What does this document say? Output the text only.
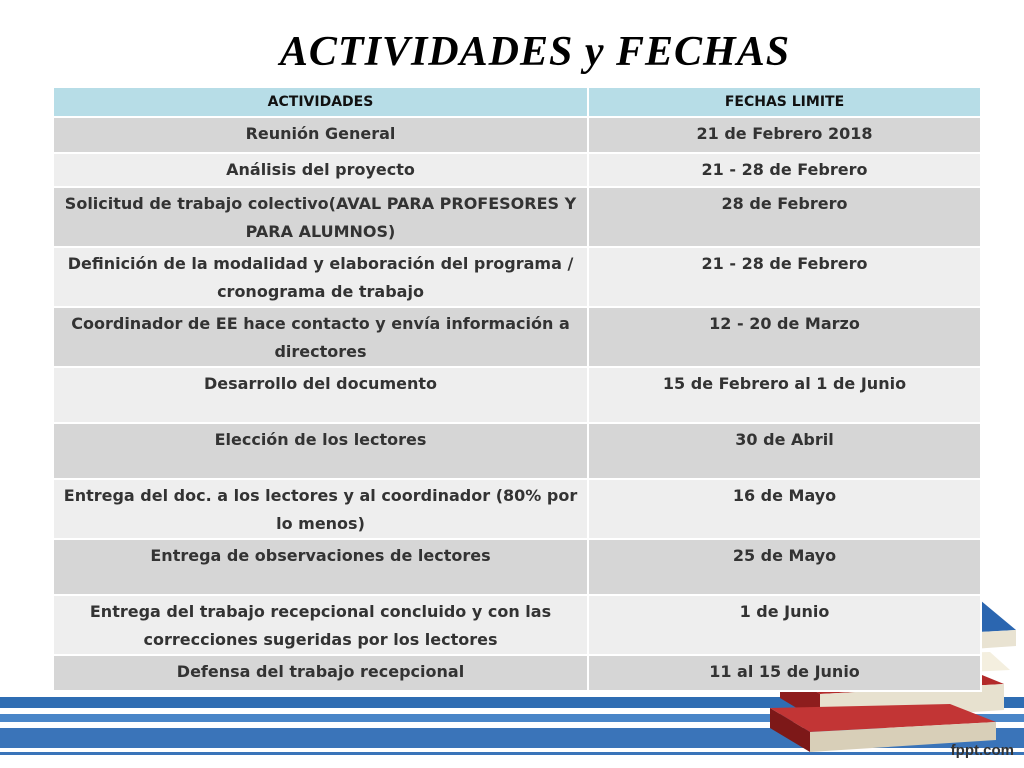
ACTIVIDADES y FECHAS
ACTIVIDADES	FECHAS LIMITE
Reunión General	21 de Febrero 2018
Análisis del proyecto	21 - 28 de Febrero
Solicitud de trabajo colectivo(AVAL PARA PROFESORES Y PARA ALUMNOS)	28 de Febrero
Definición de la modalidad y elaboración del programa / cronograma de trabajo	21 - 28 de Febrero
Coordinador de EE hace contacto y envía información a directores	12 - 20 de Marzo
Desarrollo del documento	15 de Febrero al 1 de Junio
Elección de los lectores	30 de Abril
Entrega del doc. a los lectores y al coordinador (80% por lo menos)	16 de Mayo
Entrega de observaciones de lectores	25 de Mayo
Entrega del trabajo recepcional concluido y con las correcciones sugeridas por los lectores	1 de Junio
Defensa del trabajo recepcional	11 al 15 de Junio
fppt.com
